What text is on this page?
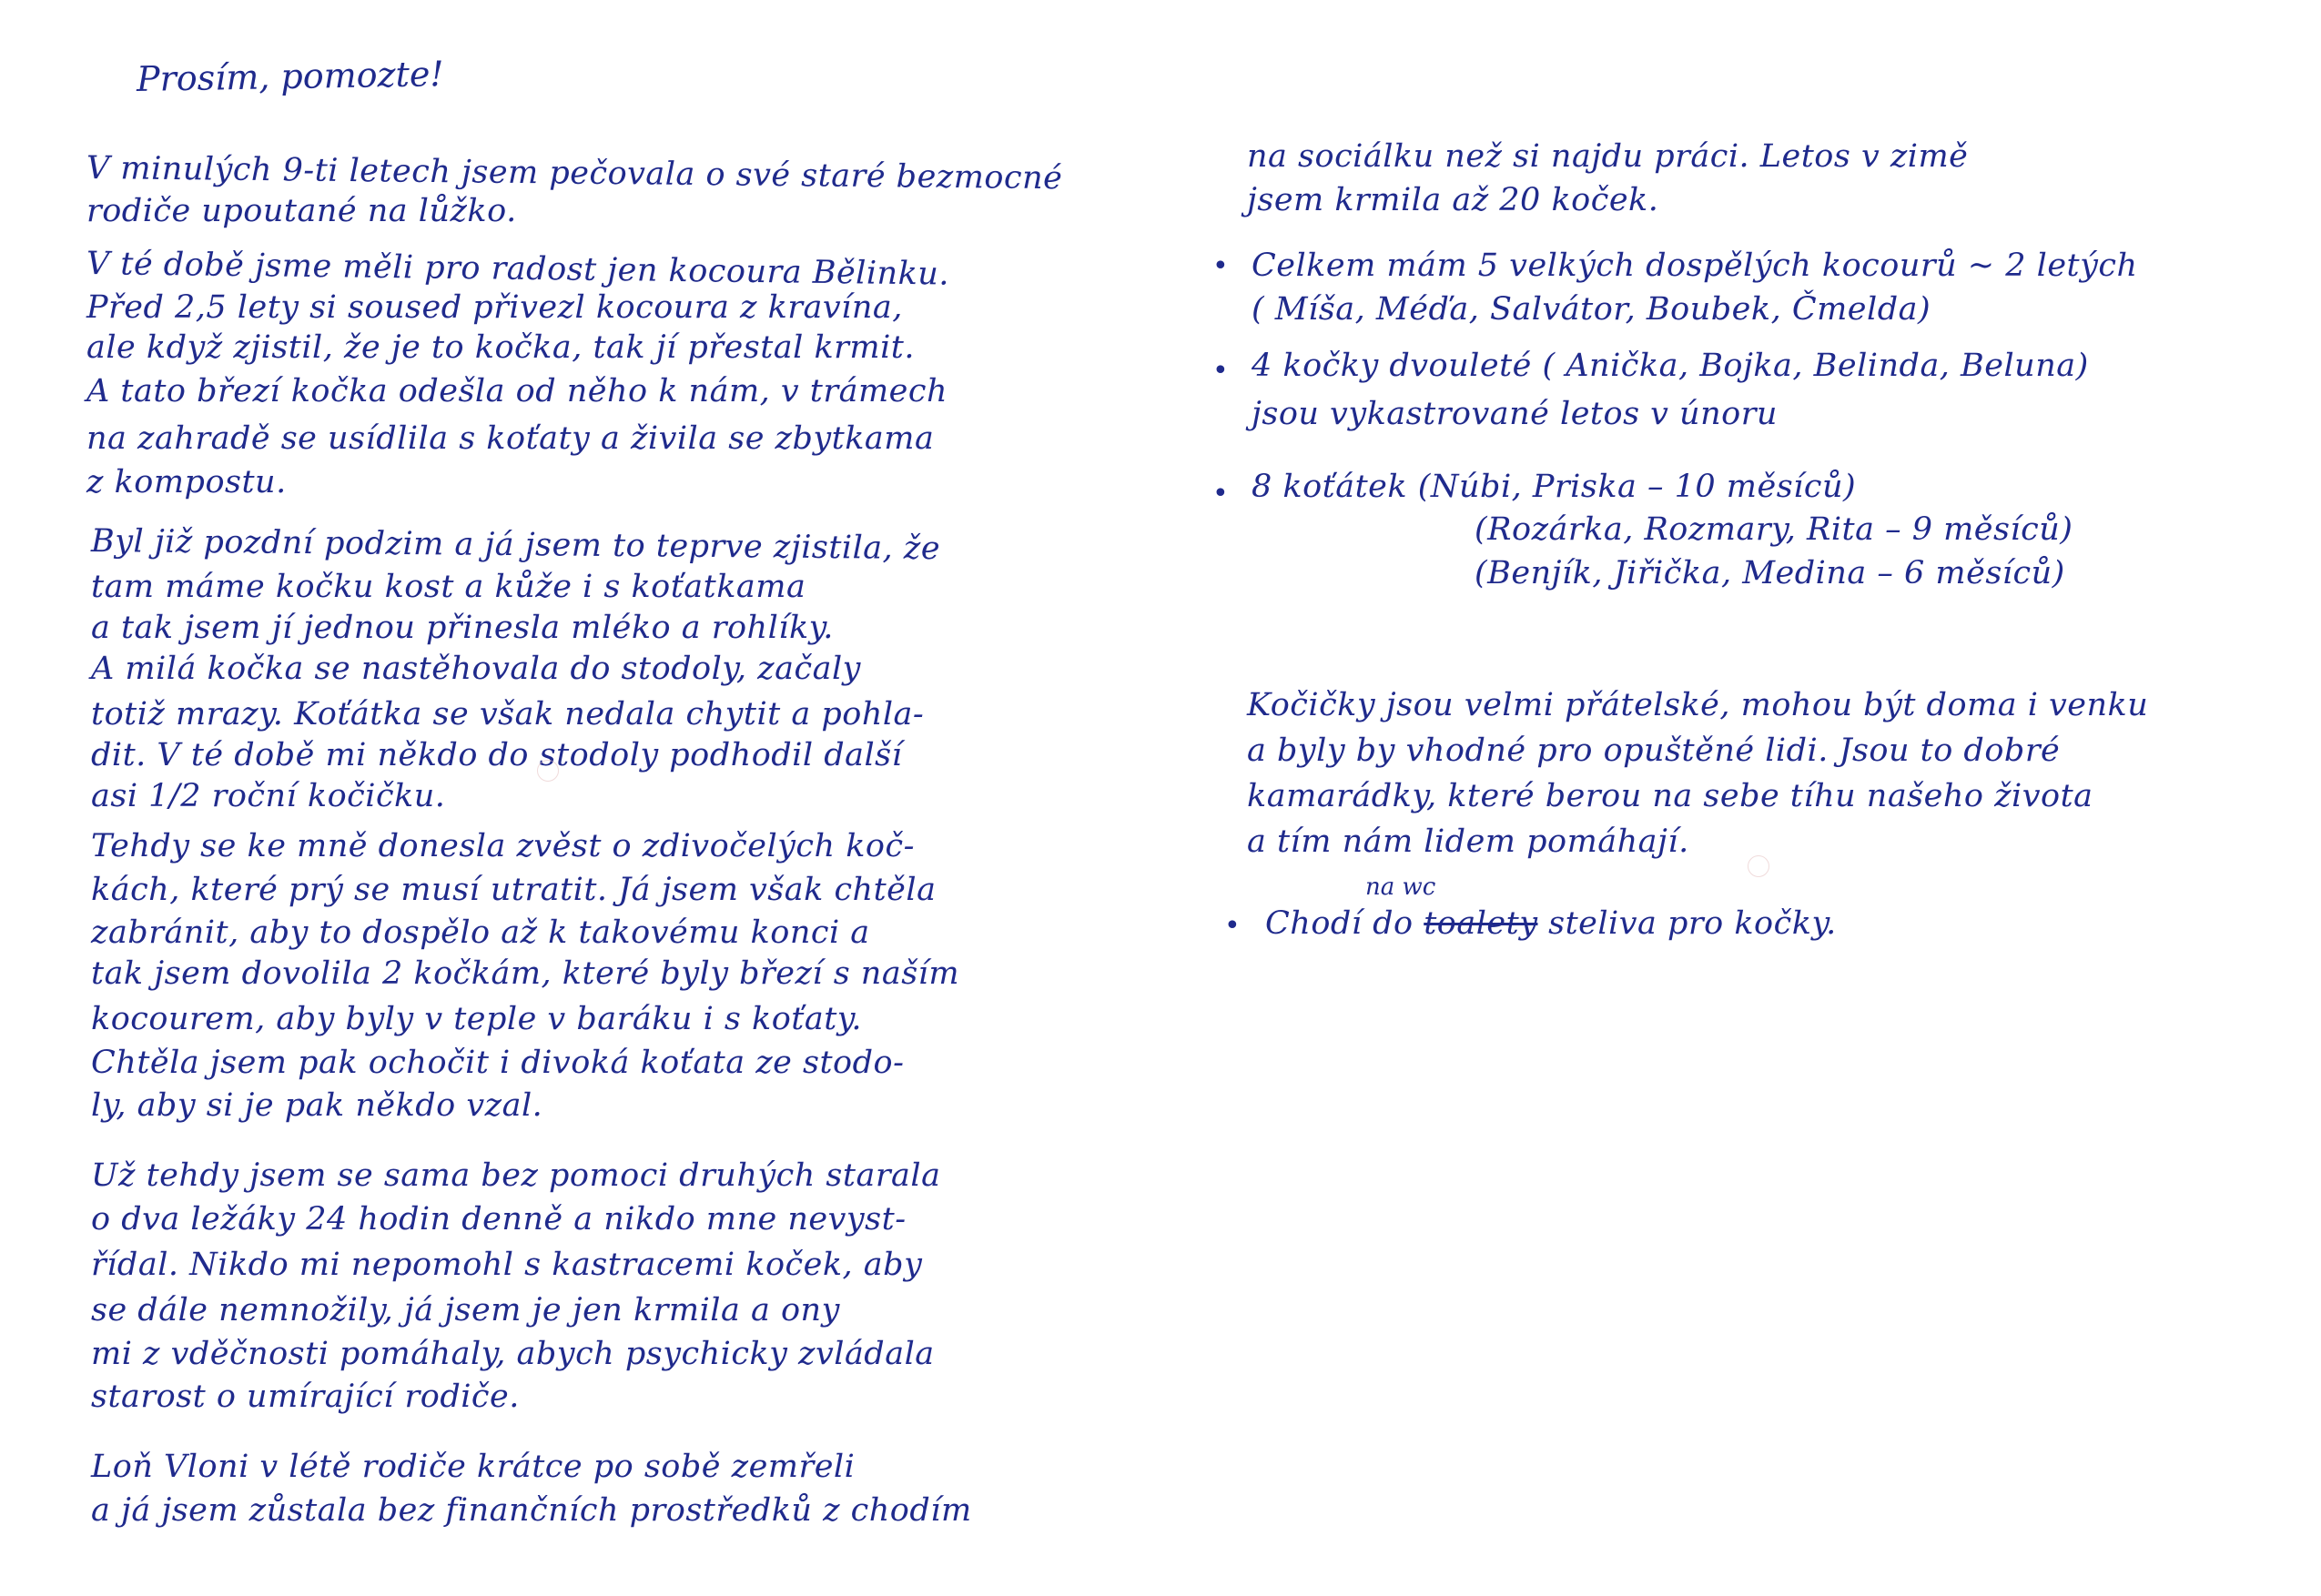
Prosím, pomozte!
V minulých 9-ti letech jsem pečovala o své staré bezmocné
rodiče upoutané na lůžko.
V té době jsme měli pro radost jen kocoura Bělinku.
Před 2,5 lety si soused přivezl kocoura z kravína,
ale když zjistil, že je to kočka, tak jí přestal krmit.
A tato březí kočka odešla od něho k nám, v trámech
na zahradě se usídlila s koťaty a živila se zbytkama
z kompostu.
Byl již pozdní podzim a já jsem to teprve zjistila, že
tam máme kočku kost a kůže i s koťatkama
a tak jsem jí jednou přinesla mléko a rohlíky.
A milá kočka se nastěhovala do stodoly, začaly
totiž mrazy. Koťátka se však nedala chytit a pohla-
dit. V té době mi někdo do stodoly podhodil další
asi 1/2 roční kočičku.
Tehdy se ke mně donesla zvěst o zdivočelých koč-
kách, které prý se musí utratit. Já jsem však chtěla
zabránit, aby to dospělo až k takovému konci a
tak jsem dovolila 2 kočkám, které byly březí s naším
kocourem, aby byly v teple v baráku i s koťaty.
Chtěla jsem pak ochočit i divoká koťata ze stodo-
ly, aby si je pak někdo vzal.
Už tehdy jsem se sama bez pomoci druhých starala
o dva ležáky 24 hodin denně a nikdo mne nevyst-
řídal. Nikdo mi nepomohl s kastracemi koček, aby
se dále nemnožily, já jsem je jen krmila a ony
mi z vděčnosti pomáhaly, abych psychicky zvládala
starost o umírající rodiče.
Loň Vloni v létě rodiče krátce po sobě zemřeli
a já jsem zůstala bez finančních prostředků z chodím
na sociálku než si najdu práci. Letos v zimě
jsem krmila až 20 koček.
• Celkem mám 5 velkých dospělých kocourů ~ 2 letých
( Míša, Méďa, Salvátor, Boubek, Čmelda)
• 4 kočky dvouleté ( Anička, Bojka, Belinda, Beluna)
jsou vykastrované letos v únoru
• 8 koťátek (Núbi, Priska – 10 měsíců)
(Rozárka, Rozmary, Rita – 9 měsíců)
(Benjík, Jiřička, Medina – 6 měsíců)
Kočičky jsou velmi přátelské, mohou být doma i venku
a byly by vhodné pro opuštěné lidi. Jsou to dobré
kamarádky, které berou na sebe tíhu našeho života
a tím nám lidem pomáhají.
• Chodí do toalety steliva pro kočky.
na wc
